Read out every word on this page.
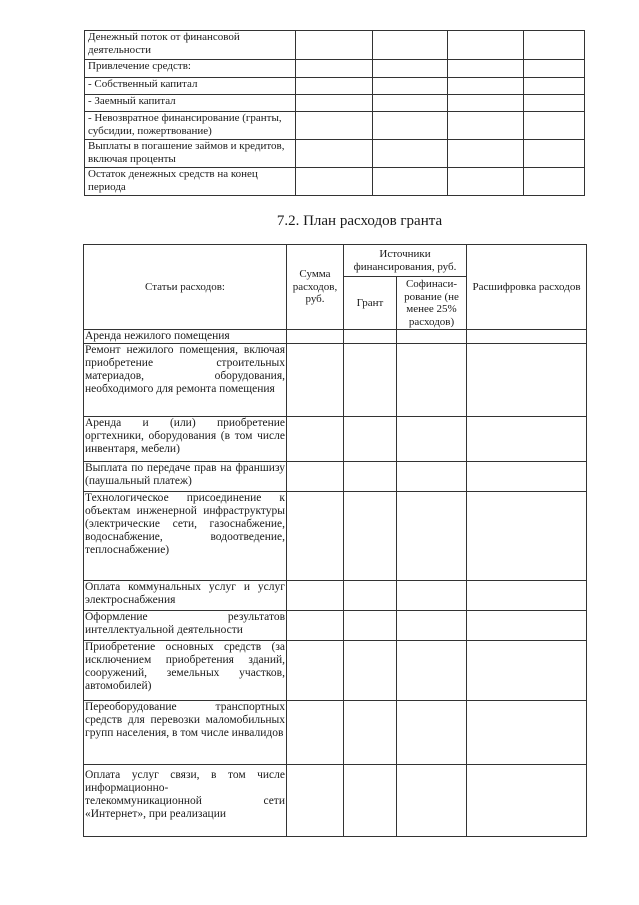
Денежный поток от финансовой деятельности				
Привлечение средств:				
- Собственный капитал				
- Заемный капитал				
- Невозвратное финансирование (гранты, субсидии, пожертвование)				
Выплаты в погашение займов и кредитов, включая проценты				
Остаток денежных средств на конец периода				
7.2. План расходов гранта
Статьи расходов:	Сумма расходов, руб.	Источники финансирования, руб.		Расшифровка расходов
		Грант	Софинаси-рование (не менее 25% расходов)	

Аренда нежилого помещения				

Ремонт нежилого помещения, включая приобретение строительных материадов, оборудования, необходимого для ремонта помещения				

Аренда и (или) приобретение оргтехники, оборудования (в том числе инвентаря, мебели)				

Выплата по передаче прав на франшизу (паушальный платеж)				

Технологическое присоединение к объектам инженерной инфраструктуры (электрические сети, газоснабжение, водоснабжение, водоотведение, теплоснабжение)				

Оплата коммунальных услуг и услуг электроснабжения				

Оформление результатов интеллектуальной деятельности				

Приобретение основных средств (за исключением приобретения зданий, сооружений, земельных участков, автомобилей)				

Переоборудование транспортных средств для перевозки маломобильных групп населения, в том числе инвалидов				

Оплата услуг связи, в том числе информационно-телекоммуникационной сети «Интернет», при реализации				
